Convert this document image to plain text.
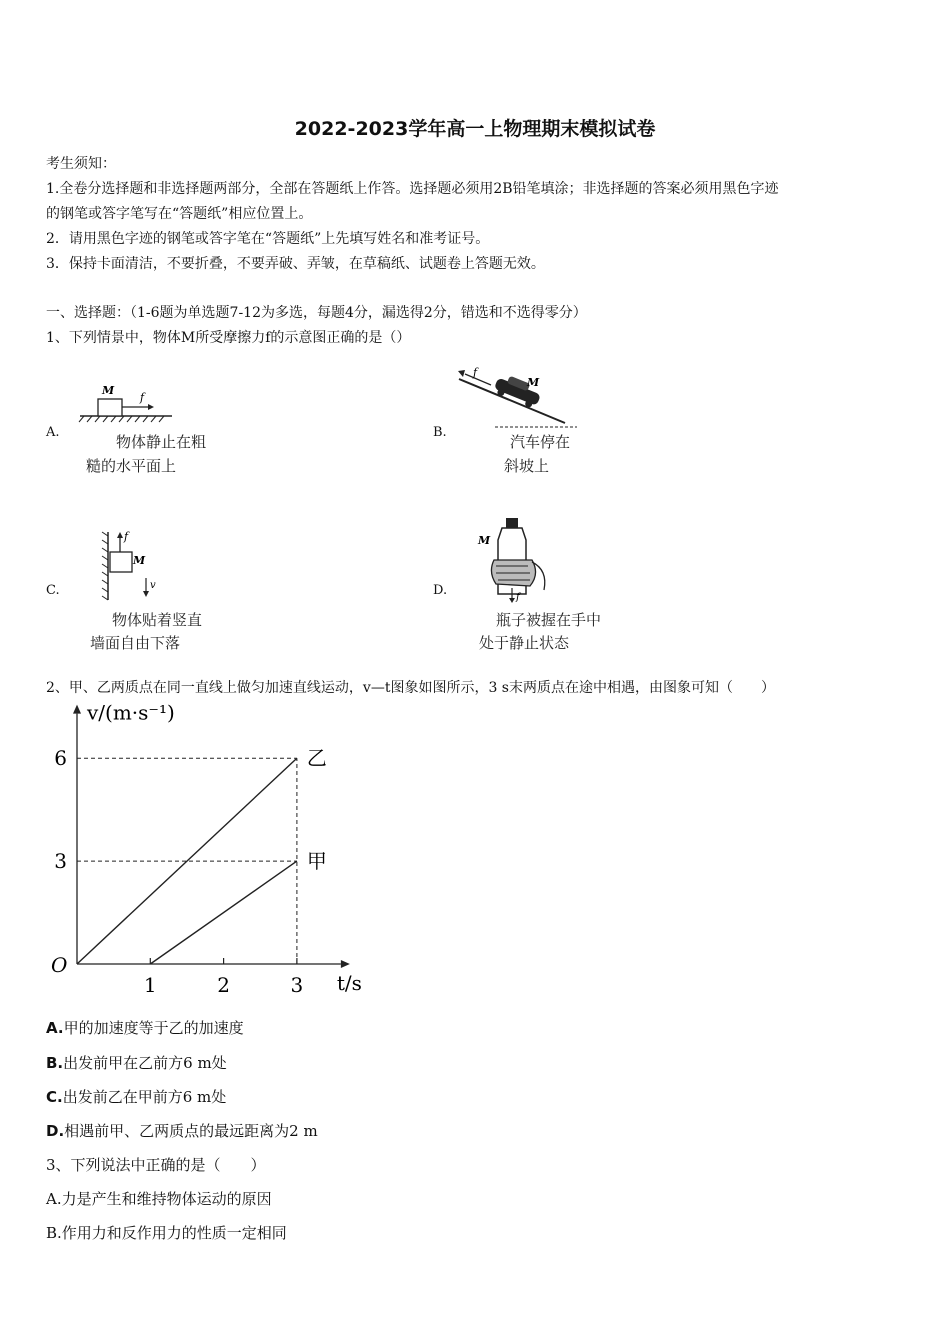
2022-2023学年高一上物理期末模拟试卷
考生须知：
1.全卷分选择题和非选择题两部分，全部在答题纸上作答。选择题必须用2B铅笔填涂；非选择题的答案必须用黑色字迹
的钢笔或答字笔写在“答题纸”相应位置上。
2．请用黑色字迹的钢笔或答字笔在“答题纸”上先填写姓名和准考证号。
3．保持卡面清洁，不要折叠，不要弄破、弄皱，在草稿纸、试题卷上答题无效。
一、选择题：（1-6题为单选题7-12为多选，每题4分，漏选得2分，错选和不选得零分）
1、下列情景中，物体M所受摩擦力f的示意图正确的是（）
A.
M
f
物体静止在粗
糙的水平面上
B.
f
M
汽车停在
斜坡上
C.
f
M
v
物体贴着竖直
墙面自由下落
D.
M
f
瓶子被握在手中
处于静止状态
2、甲、乙两质点在同一直线上做匀加速直线运动，v—t图象如图所示，3 s末两质点在途中相遇，由图象可知（　　）
v/(m·s⁻¹)
t/s
O
1	2	3
3
6	乙
甲
A.甲的加速度等于乙的加速度
B.出发前甲在乙前方6 m处
C.出发前乙在甲前方6 m处
D.相遇前甲、乙两质点的最远距离为2 m
3、下列说法中正确的是（　　）
A.力是产生和维持物体运动的原因
B.作用力和反作用力的性质一定相同
